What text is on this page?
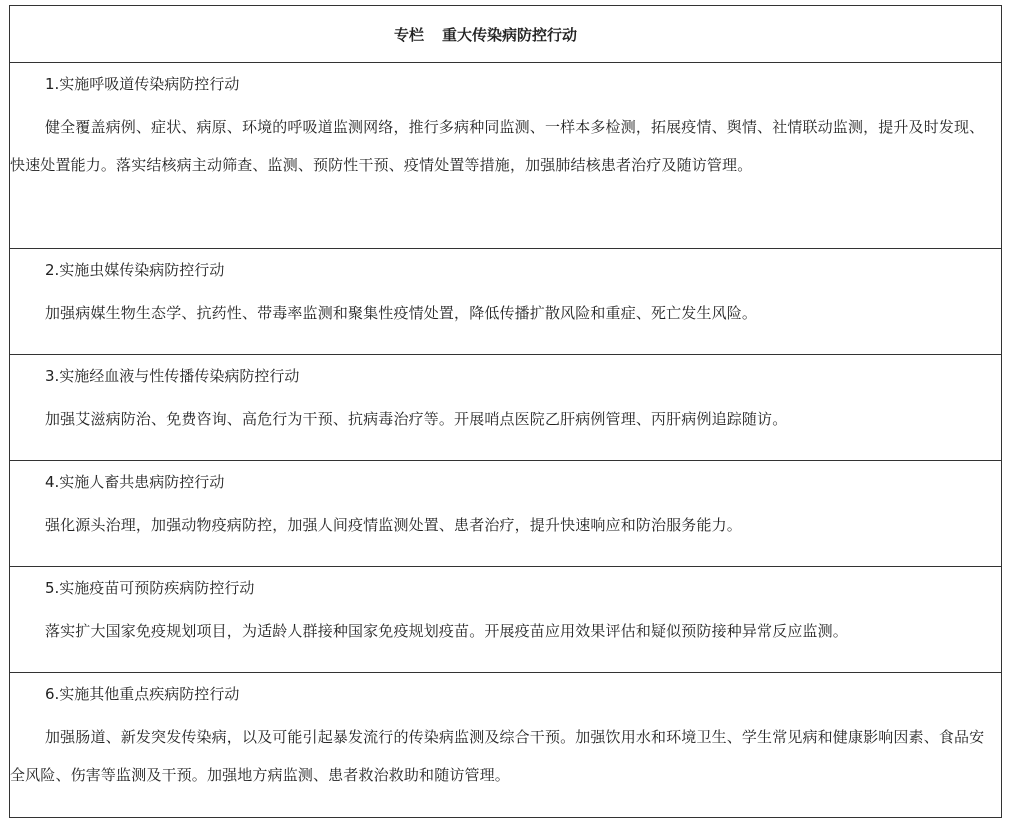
专栏 重大传染病防控行动
1.实施呼吸道传染病防控行动
健全覆盖病例、症状、病原、环境的呼吸道监测网络，推行多病种同监测、一样本多检测，拓展疫情、舆情、社情联动监测，提升及时发现、快速处置能力。落实结核病主动筛查、监测、预防性干预、疫情处置等措施，加强肺结核患者治疗及随访管理。
2.实施虫媒传染病防控行动
加强病媒生物生态学、抗药性、带毒率监测和聚集性疫情处置，降低传播扩散风险和重症、死亡发生风险。
3.实施经血液与性传播传染病防控行动
加强艾滋病防治、免费咨询、高危行为干预、抗病毒治疗等。开展哨点医院乙肝病例管理、丙肝病例追踪随访。
4.实施人畜共患病防控行动
强化源头治理，加强动物疫病防控，加强人间疫情监测处置、患者治疗，提升快速响应和防治服务能力。
5.实施疫苗可预防疾病防控行动
落实扩大国家免疫规划项目，为适龄人群接种国家免疫规划疫苗。开展疫苗应用效果评估和疑似预防接种异常反应监测。
6.实施其他重点疾病防控行动
加强肠道、新发突发传染病，以及可能引起暴发流行的传染病监测及综合干预。加强饮用水和环境卫生、学生常见病和健康影响因素、食品安全风险、伤害等监测及干预。加强地方病监测、患者救治救助和随访管理。
